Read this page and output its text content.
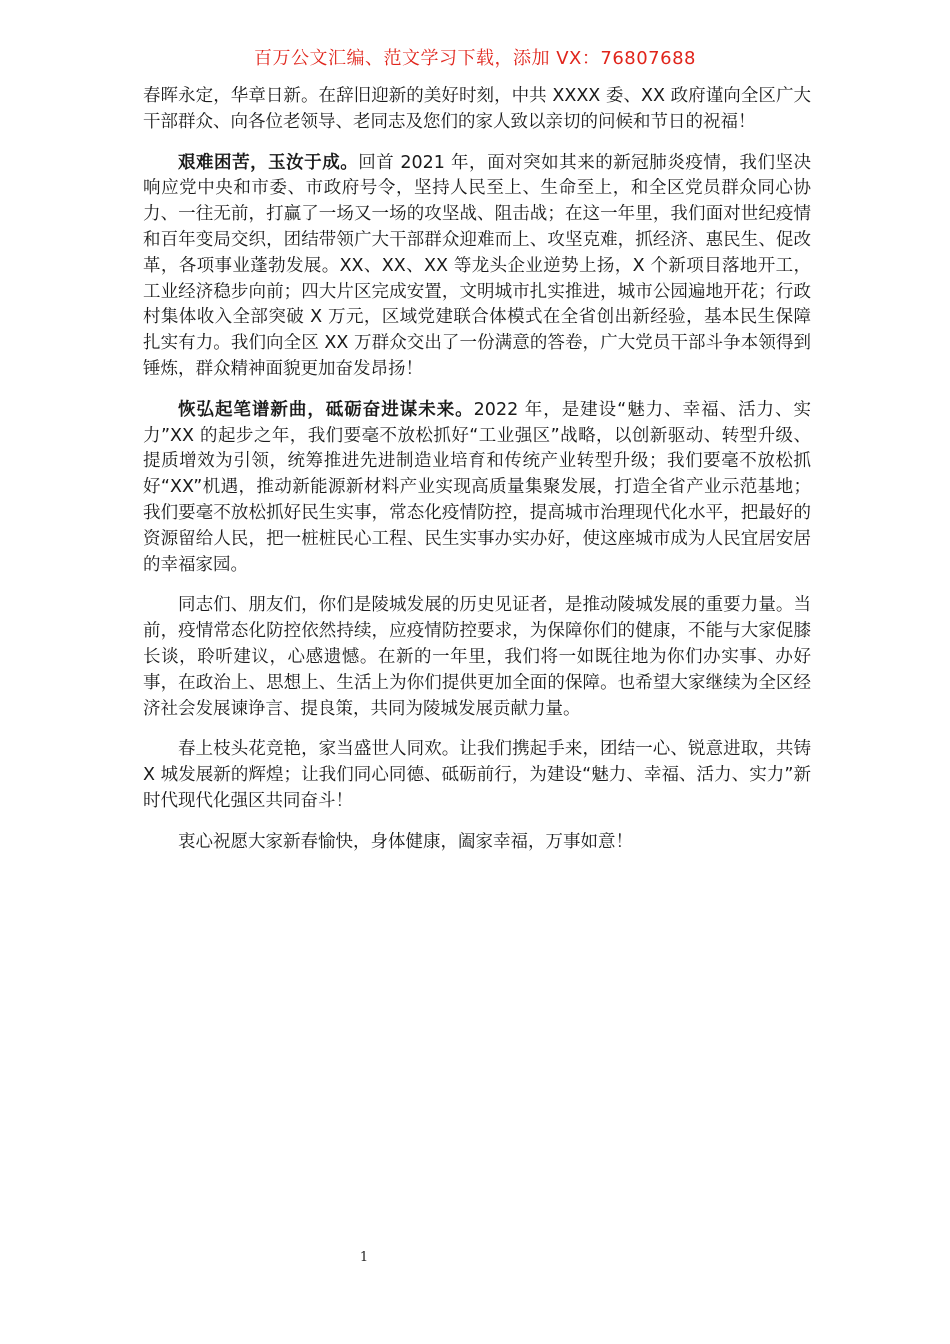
百万公文汇编、范文学习下载，添加 VX：76807688

春晖永定，华章日新。在辞旧迎新的美好时刻，中共 XXXX 委、XX 政府谨向全区广大干部群众、向各位老领导、老同志及您们的家人致以亲切的问候和节日的祝福！

艰难困苦，玉汝于成。回首 2021 年，面对突如其来的新冠肺炎疫情，我们坚决响应党中央和市委、市政府号令，坚持人民至上、生命至上，和全区党员群众同心协力、一往无前，打赢了一场又一场的攻坚战、阻击战；在这一年里，我们面对世纪疫情和百年变局交织，团结带领广大干部群众迎难而上、攻坚克难，抓经济、惠民生、促改革，各项事业蓬勃发展。XX、XX、XX 等龙头企业逆势上扬，X 个新项目落地开工，工业经济稳步向前；四大片区完成安置，文明城市扎实推进，城市公园遍地开花；行政村集体收入全部突破 X 万元，区域党建联合体模式在全省创出新经验，基本民生保障扎实有力。我们向全区 XX 万群众交出了一份满意的答卷，广大党员干部斗争本领得到锤炼，群众精神面貌更加奋发昂扬！

恢弘起笔谱新曲，砥砺奋进谋未来。2022 年，是建设“魅力、幸福、活力、实力”XX 的起步之年，我们要毫不放松抓好“工业强区”战略，以创新驱动、转型升级、提质增效为引领，统筹推进先进制造业培育和传统产业转型升级；我们要毫不放松抓好“XX”机遇，推动新能源新材料产业实现高质量集聚发展，打造全省产业示范基地；我们要毫不放松抓好民生实事，常态化疫情防控，提高城市治理现代化水平，把最好的资源留给人民，把一桩桩民心工程、民生实事办实办好，使这座城市成为人民宜居安居的幸福家园。

同志们、朋友们，你们是陵城发展的历史见证者，是推动陵城发展的重要力量。当前，疫情常态化防控依然持续，应疫情防控要求，为保障你们的健康，不能与大家促膝长谈，聆听建议，心感遗憾。在新的一年里，我们将一如既往地为你们办实事、办好事，在政治上、思想上、生活上为你们提供更加全面的保障。也希望大家继续为全区经济社会发展谏诤言、提良策，共同为陵城发展贡献力量。

春上枝头花竞艳，家当盛世人同欢。让我们携起手来，团结一心、锐意进取，共铸 X 城发展新的辉煌；让我们同心同德、砥砺前行，为建设“魅力、幸福、活力、实力”新时代现代化强区共同奋斗！

衷心祝愿大家新春愉快，身体健康，阖家幸福，万事如意！

1
